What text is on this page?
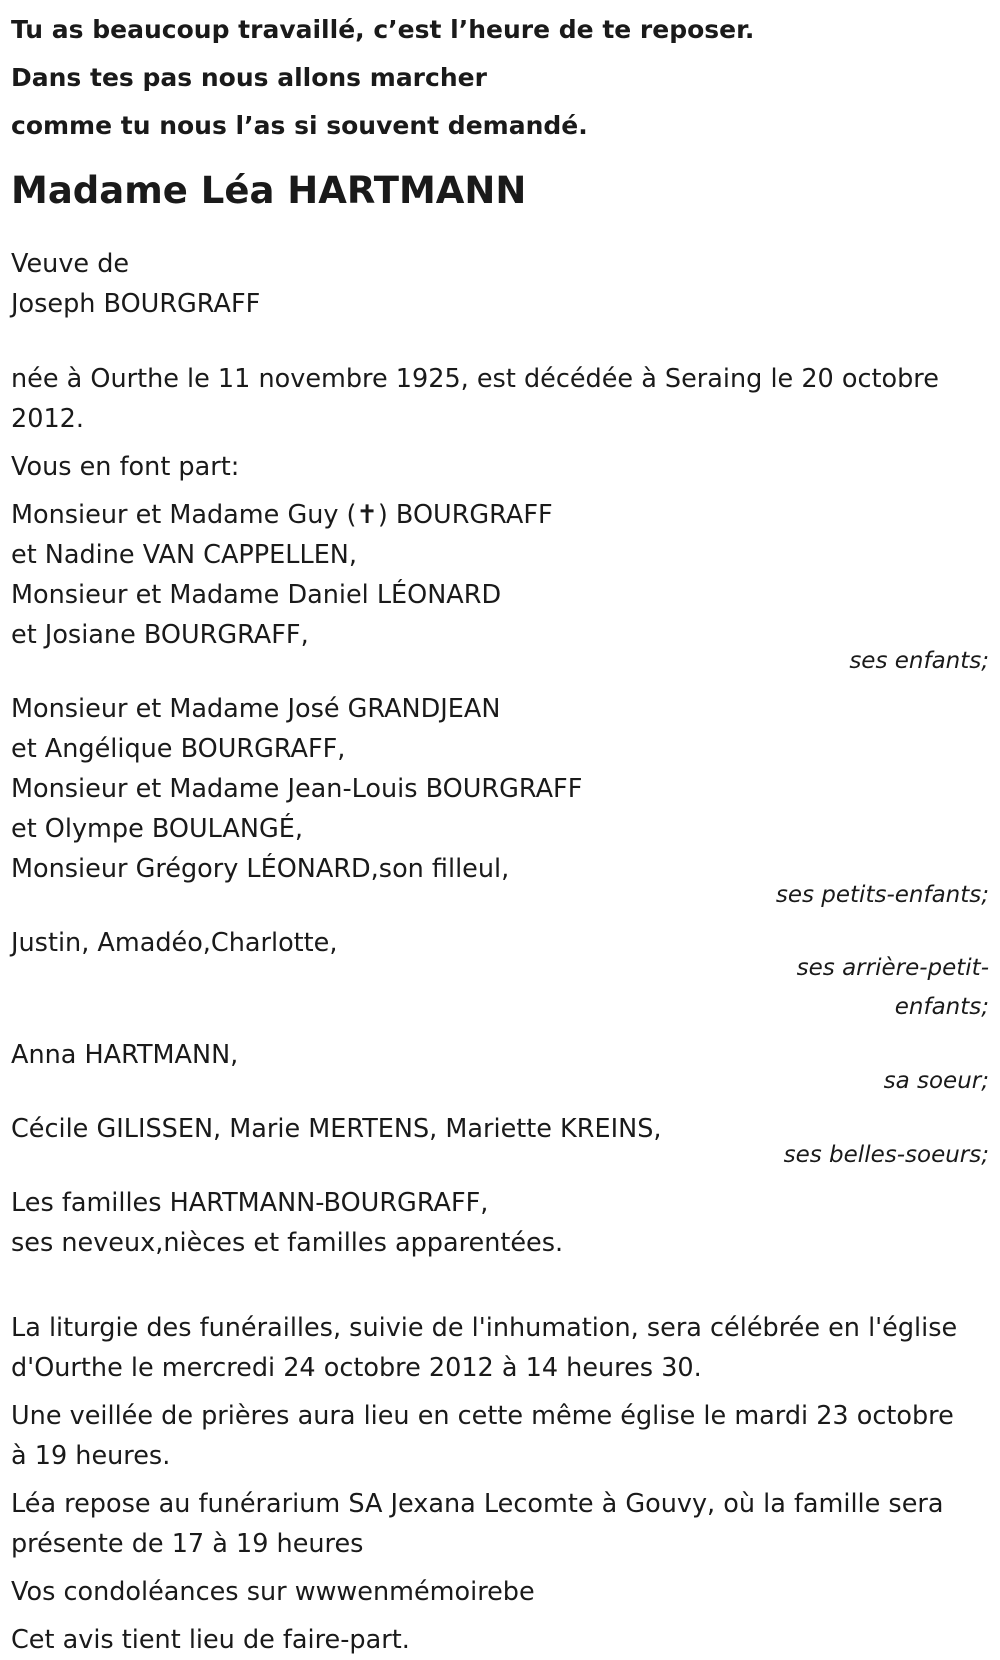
Tu as beaucoup travaillé, c’est l’heure de te reposer.
Dans tes pas nous allons marcher
comme tu nous l’as si souvent demandé.
Madame Léa HARTMANN
Veuve de
Joseph BOURGRAFF
née à Ourthe le 11 novembre 1925, est décédée à Seraing le 20 octobre
2012.
Vous en font part:
Monsieur et Madame Guy (✝) BOURGRAFF
et Nadine VAN CAPPELLEN,
Monsieur et Madame Daniel LÉONARD
et Josiane BOURGRAFF,
ses enfants;
Monsieur et Madame José GRANDJEAN
et Angélique BOURGRAFF,
Monsieur et Madame Jean-Louis BOURGRAFF
et Olympe BOULANGÉ,
Monsieur Grégory LÉONARD,son filleul,
ses petits-enfants;
Justin, Amadéo,Charlotte,
ses arrière-petit-
enfants;
Anna HARTMANN,
sa soeur;
Cécile GILISSEN, Marie MERTENS, Mariette KREINS,
ses belles-soeurs;
Les familles HARTMANN-BOURGRAFF,
ses neveux,nièces et familles apparentées.
La liturgie des funérailles, suivie de l'inhumation, sera célébrée en l'église
d'Ourthe le mercredi 24 octobre 2012 à 14 heures 30.
Une veillée de prières aura lieu en cette même église le mardi 23 octobre
à 19 heures.
Léa repose au funérarium SA Jexana Lecomte à Gouvy, où la famille sera
présente de 17 à 19 heures
Vos condoléances sur wwwenmémoirebe
Cet avis tient lieu de faire-part.
